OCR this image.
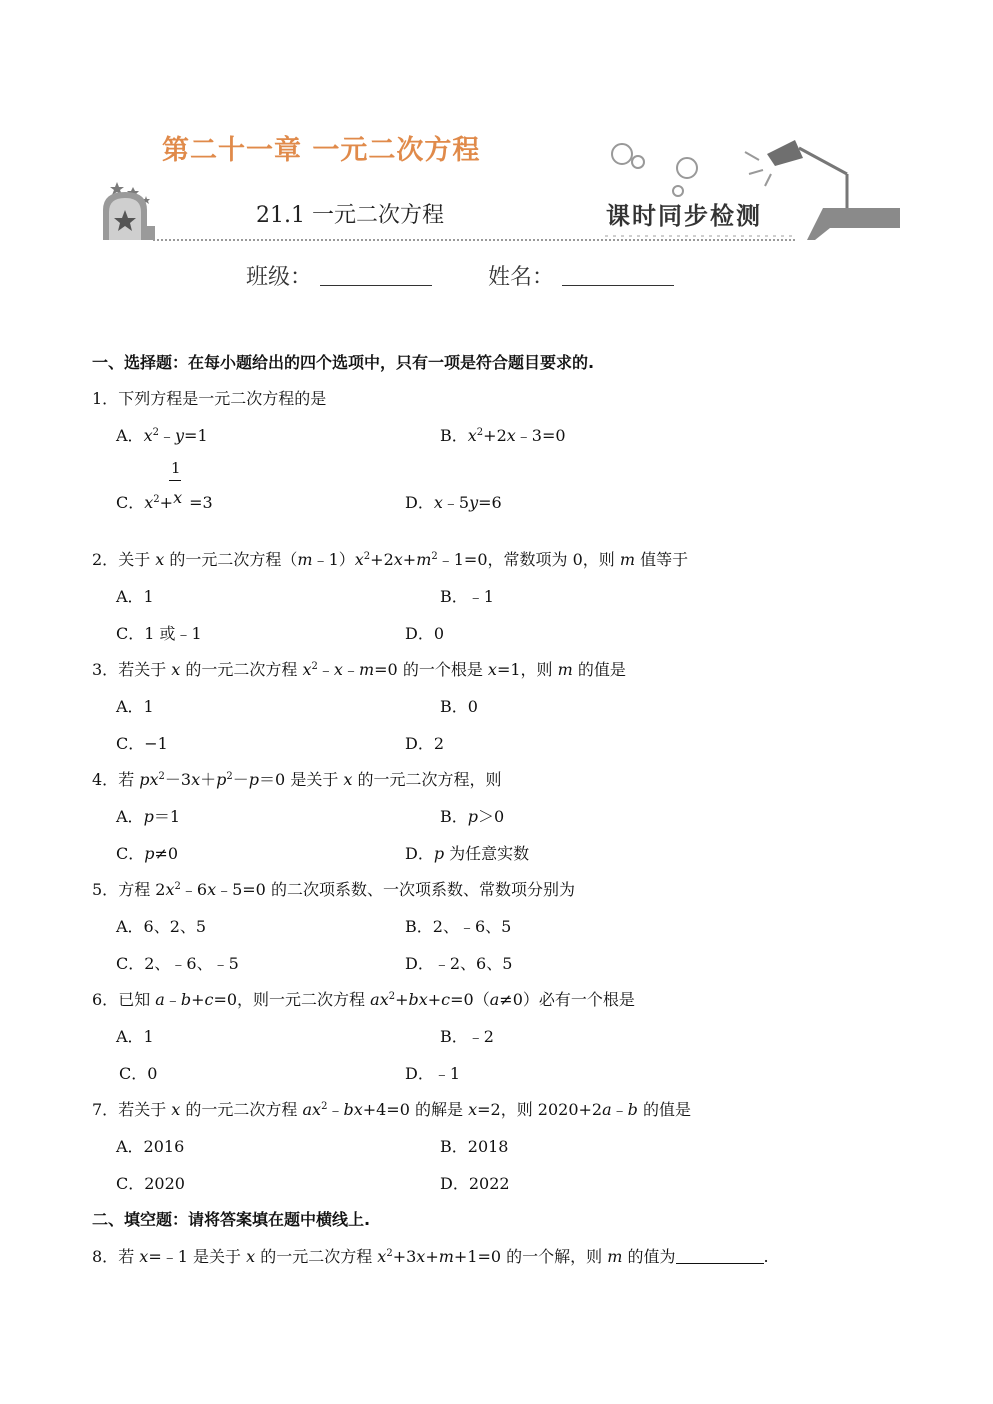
第二十一章 一元二次方程
21.1 一元二次方程	课时同步检测
班级：	姓名：
一、选择题：在每小题给出的四个选项中，只有一项是符合题目要求的.
1．下列方程是一元二次方程的是
A．$x^2﹣y=1$	B．$x^2+2x﹣3=0$
1
C．$x^2+x =3$	D．x﹣5y=6
2．关于 x 的一元二次方程$(m﹣1)x^2+2x+m^2﹣1=0$，常数项为 0，则 m 值等于
A．1	B．﹣1
C．1 或﹣1	D．0
3．若关于 x 的一元二次方程 $x^2﹣x﹣m=0$ 的一个根是 x=1，则 m 的值是
A．1	B．0
C．−1	D．2
4．若 $px^2-3x+p^2-p=0$ 是关于 x 的一元二次方程，则
A．p＝1	B．p＞0
C．p≠0	D．p 为任意实数
5．方程 $2x^2﹣6x﹣5=0$ 的二次项系数、一次项系数、常数项分别为
A．6、2、5	B．2、﹣6、5
C．2、﹣6、﹣5	D．﹣2、6、5
6．已知 a﹣b+c=0，则一元二次方程 $ax^2+bx+c=0(a\ne 0)$必有一个根是
A．1	B．﹣2
C．0	D．﹣1
7．若关于 x 的一元二次方程 $ax^2﹣bx+4=0$ 的解是 x=2，则 2020+2a﹣b 的值是
A．2016	B．2018
C．2020	D．2022
二、填空题：请将答案填在题中横线上.
8．若 x=﹣1 是关于 x 的一元二次方程 $x^2+3x+m+1=0$ 的一个解，则 m 的值为	.
